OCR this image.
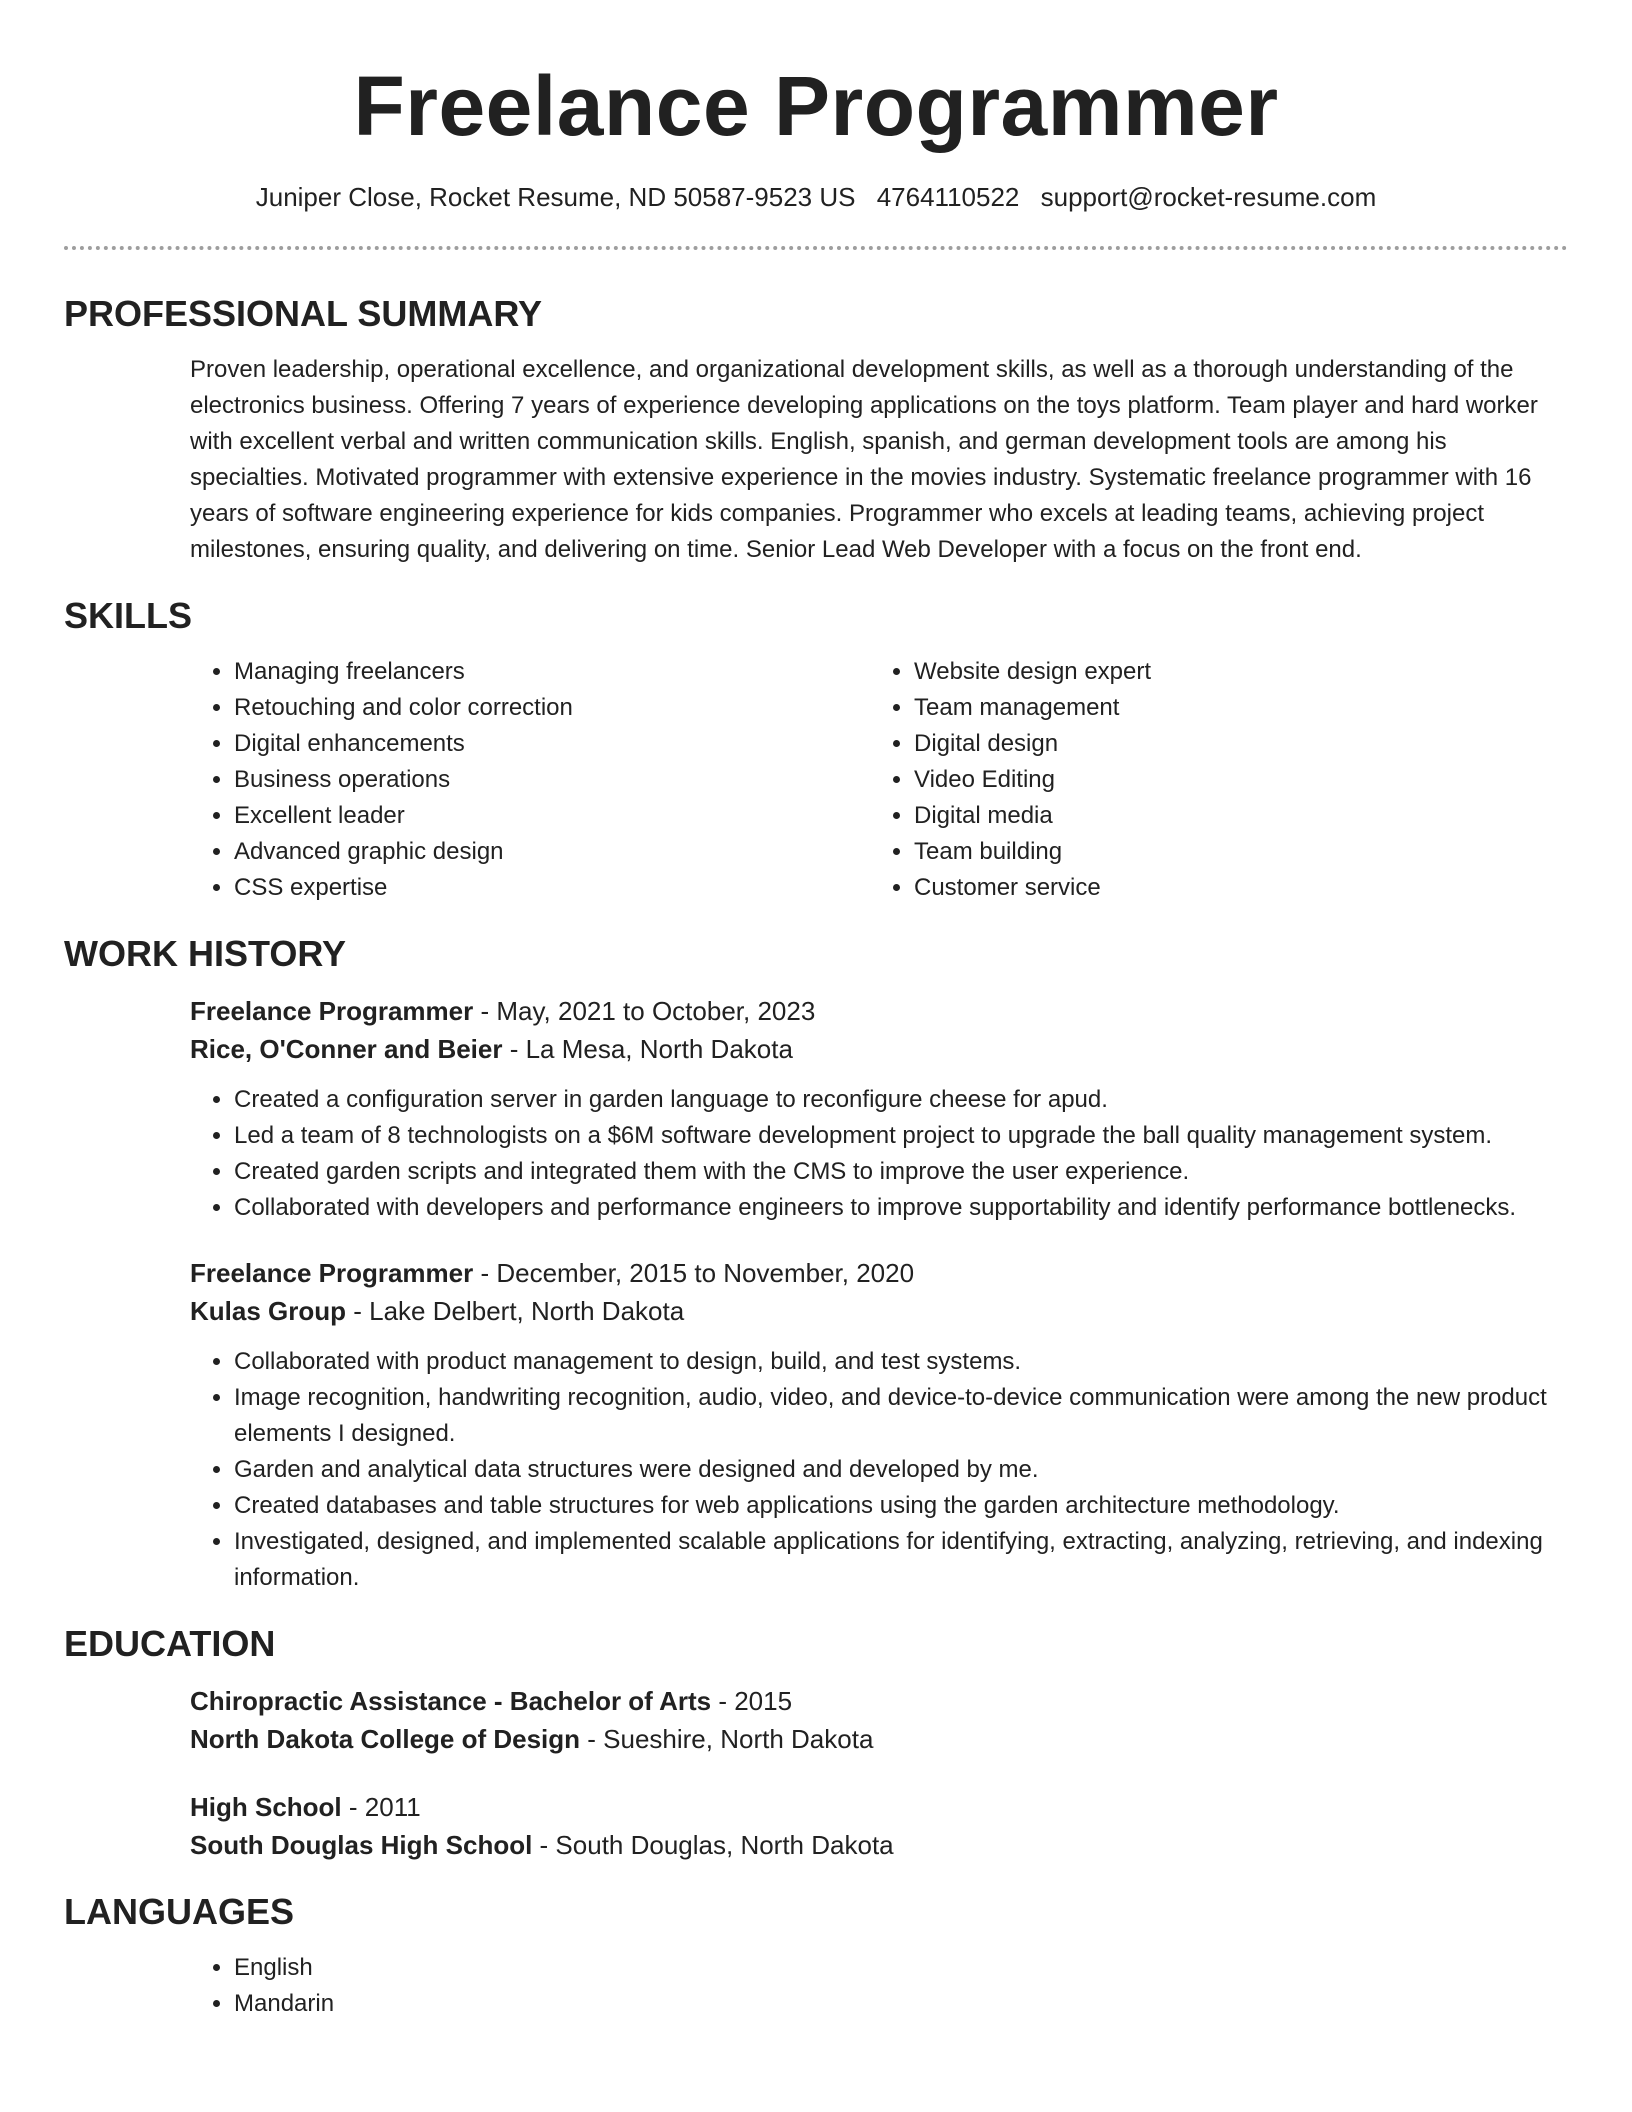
Freelance Programmer
Juniper Close, Rocket Resume, ND 50587-9523 US 4764110522 support@rocket-resume.com
PROFESSIONAL SUMMARY

Proven leadership, operational excellence, and organizational development skills, as well as a thorough understanding of the electronics business. Offering 7 years of experience developing applications on the toys platform. Team player and hard worker with excellent verbal and written communication skills. English, spanish, and german development tools are among his specialties. Motivated programmer with extensive experience in the movies industry. Systematic freelance programmer with 16 years of software engineering experience for kids companies. Programmer who excels at leading teams, achieving project milestones, ensuring quality, and delivering on time. Senior Lead Web Developer with a focus on the front end.

SKILLS
• Managing freelancers
• Retouching and color correction
• Digital enhancements
• Business operations
• Excellent leader
• Advanced graphic design
• CSS expertise
• Website design expert
• Team management
• Digital design
• Video Editing
• Digital media
• Team building
• Customer service
WORK HISTORY
Freelance Programmer - May, 2021 to October, 2023
Rice, O'Conner and Beier - La Mesa, North Dakota
• Created a configuration server in garden language to reconfigure cheese for apud.
• Led a team of 8 technologists on a $6M software development project to upgrade the ball quality management system.
• Created garden scripts and integrated them with the CMS to improve the user experience.
• Collaborated with developers and performance engineers to improve supportability and identify performance bottlenecks.
Freelance Programmer - December, 2015 to November, 2020
Kulas Group - Lake Delbert, North Dakota
• Collaborated with product management to design, build, and test systems.
• Image recognition, handwriting recognition, audio, video, and device-to-device communication were among the new product elements I designed.
• Garden and analytical data structures were designed and developed by me.
• Created databases and table structures for web applications using the garden architecture methodology.
• Investigated, designed, and implemented scalable applications for identifying, extracting, analyzing, retrieving, and indexing information.
EDUCATION
Chiropractic Assistance - Bachelor of Arts - 2015
North Dakota College of Design - Sueshire, North Dakota
High School - 2011
South Douglas High School - South Douglas, North Dakota
LANGUAGES
• English
• Mandarin
